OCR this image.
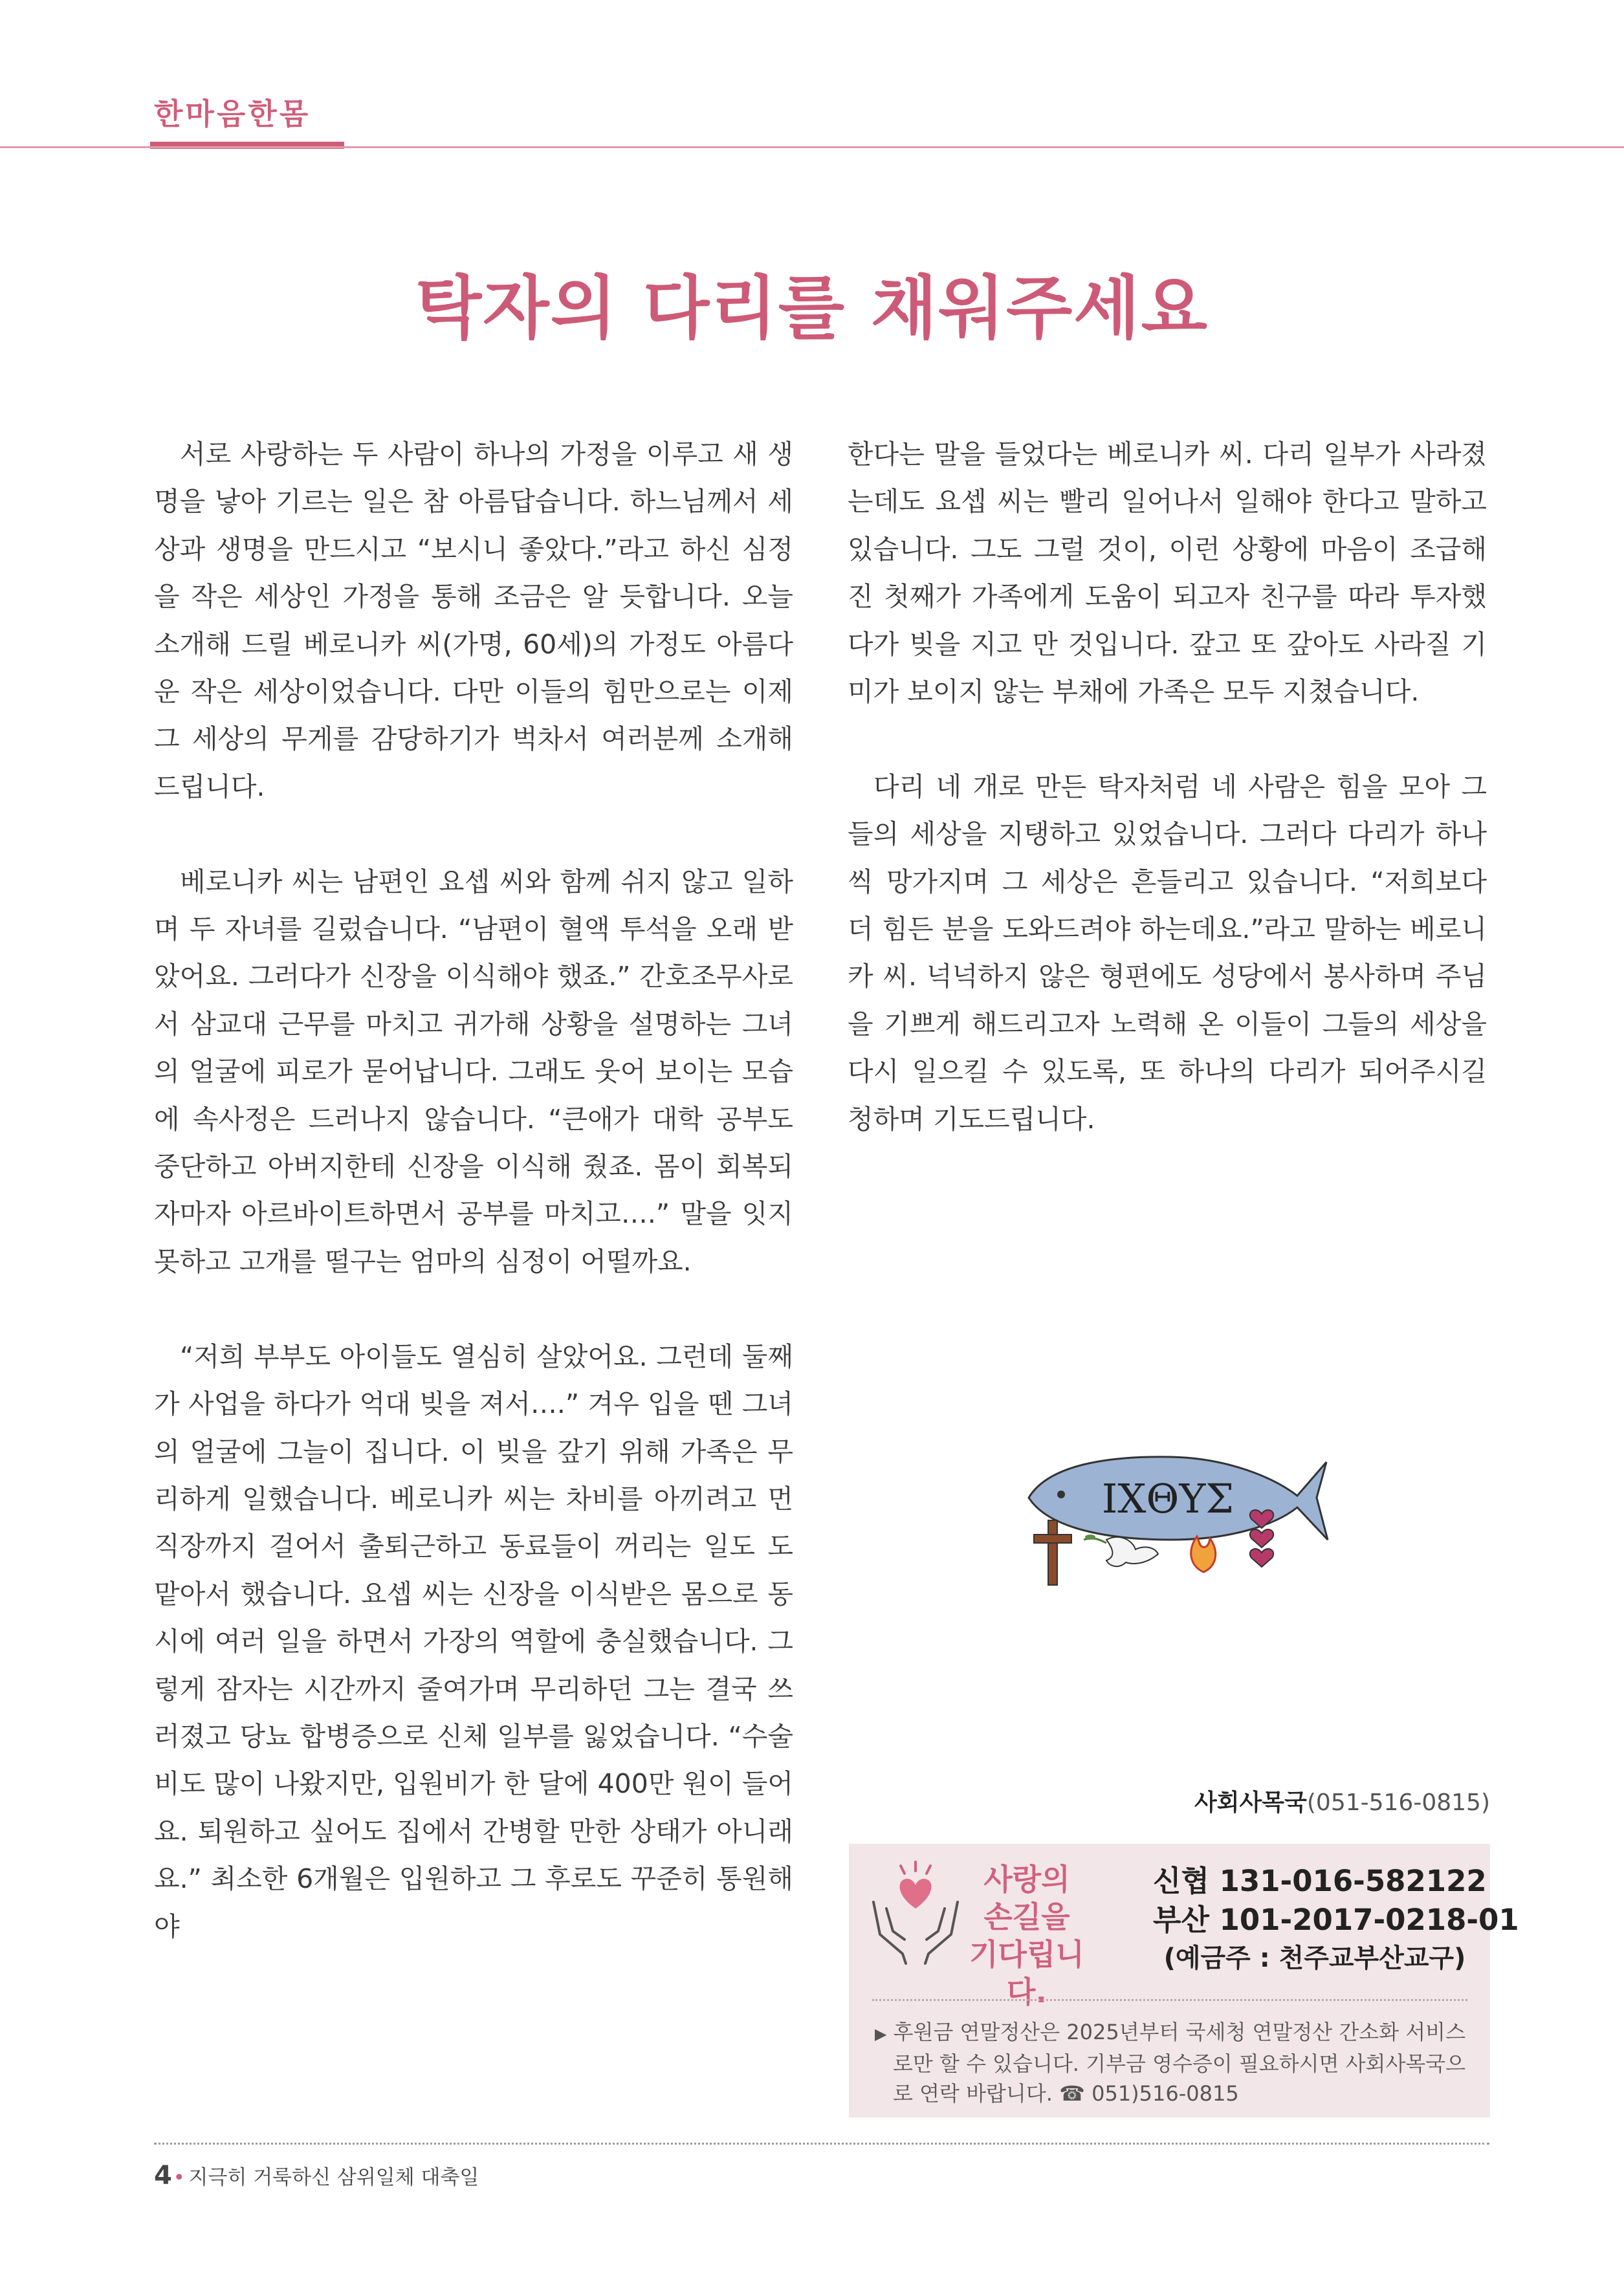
한마음한몸
탁자의 다리를 채워주세요

서로 사랑하는 두 사람이 하나의 가정을 이루고 새 생명을 낳아 기르는 일은 참 아름답습니다. 하느님께서 세상과 생명을 만드시고 “보시니 좋았다.”라고 하신 심정을 작은 세상인 가정을 통해 조금은 알 듯합니다. 오늘 소개해 드릴 베로니카 씨(가명, 60세)의 가정도 아름다운 작은 세상이었습니다. 다만 이들의 힘만으로는 이제 그 세상의 무게를 감당하기가 벅차서 여러분께 소개해 드립니다.

베로니카 씨는 남편인 요셉 씨와 함께 쉬지 않고 일하며 두 자녀를 길렀습니다. “남편이 혈액 투석을 오래 받았어요. 그러다가 신장을 이식해야 했죠.” 간호조무사로서 삼교대 근무를 마치고 귀가해 상황을 설명하는 그녀의 얼굴에 피로가 묻어납니다. 그래도 웃어 보이는 모습에 속사정은 드러나지 않습니다. “큰애가 대학 공부도 중단하고 아버지한테 신장을 이식해 줬죠. 몸이 회복되자마자 아르바이트하면서 공부를 마치고….” 말을 잇지 못하고 고개를 떨구는 엄마의 심정이 어떨까요.

“저희 부부도 아이들도 열심히 살았어요. 그런데 둘째가 사업을 하다가 억대 빚을 져서….” 겨우 입을 뗀 그녀의 얼굴에 그늘이 집니다. 이 빚을 갚기 위해 가족은 무리하게 일했습니다. 베로니카 씨는 차비를 아끼려고 먼 직장까지 걸어서 출퇴근하고 동료들이 꺼리는 일도 도맡아서 했습니다. 요셉 씨는 신장을 이식받은 몸으로 동시에 여러 일을 하면서 가장의 역할에 충실했습니다. 그렇게 잠자는 시간까지 줄여가며 무리하던 그는 결국 쓰러졌고 당뇨 합병증으로 신체 일부를 잃었습니다. “수술비도 많이 나왔지만, 입원비가 한 달에 400만 원이 들어요. 퇴원하고 싶어도 집에서 간병할 만한 상태가 아니래요.” 최소한 6개월은 입원하고 그 후로도 꾸준히 통원해야

한다는 말을 들었다는 베로니카 씨. 다리 일부가 사라졌는데도 요셉 씨는 빨리 일어나서 일해야 한다고 말하고 있습니다. 그도 그럴 것이, 이런 상황에 마음이 조급해진 첫째가 가족에게 도움이 되고자 친구를 따라 투자했다가 빚을 지고 만 것입니다. 갚고 또 갚아도 사라질 기미가 보이지 않는 부채에 가족은 모두 지쳤습니다.

다리 네 개로 만든 탁자처럼 네 사람은 힘을 모아 그들의 세상을 지탱하고 있었습니다. 그러다 다리가 하나씩 망가지며 그 세상은 흔들리고 있습니다. “저희보다 더 힘든 분을 도와드려야 하는데요.”라고 말하는 베로니카 씨. 넉넉하지 않은 형편에도 성당에서 봉사하며 주님을 기쁘게 해드리고자 노력해 온 이들이 그들의 세상을 다시 일으킬 수 있도록, 또 하나의 다리가 되어주시길 청하며 기도드립니다.

ΙΧΘΥΣ
사회사목국(051-516-0815)
사랑의
손길을
기다립니다.
신협 131-016-582122
부산 101-2017-0218-01
(예금주 : 천주교부산교구)
▶ 후원금 연말정산은 2025년부터 국세청 연말정산 간소화 서비스로만 할 수 있습니다. 기부금 영수증이 필요하시면 사회사목국으로 연락 바랍니다. ☎ 051)516-0815
4• 지극히 거룩하신 삼위일체 대축일
